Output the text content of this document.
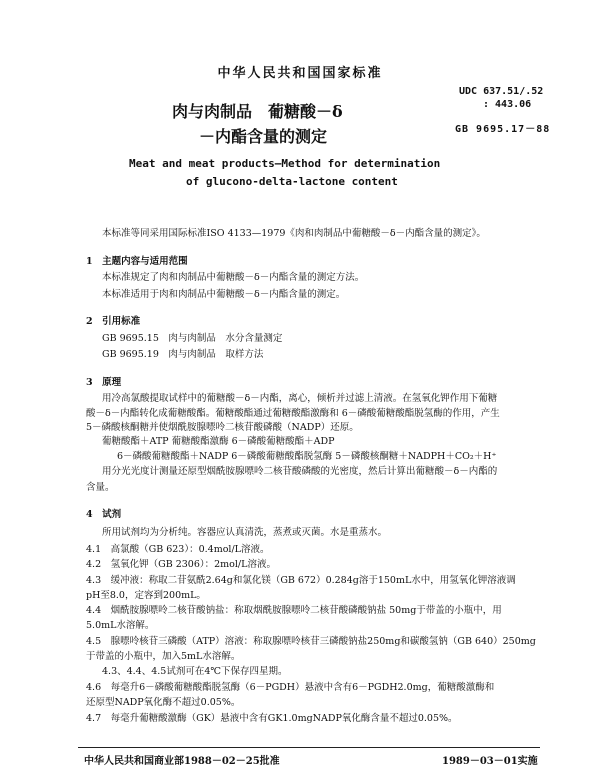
中华人民共和国国家标准
肉与肉制品　葡糖酸－δ
－内酯含量的测定
UDC 637.51/.52
: 443.06
GB 9695.17－88
Meat and meat products—Method for determination
of glucono-delta-lactone content
本标准等同采用国际标准ISO 4133—1979《肉和肉制品中葡糖酸－δ－内酯含量的测定》。
1　主题内容与适用范围
本标准规定了肉和肉制品中葡糖酸－δ－内酯含量的测定方法。
本标准适用于肉和肉制品中葡糖酸－δ－内酯含量的测定。
2　引用标准
GB 9695.15　肉与肉制品　水分含量测定
GB 9695.19　肉与肉制品　取样方法
3　原理
用冷高氯酸提取试样中的葡糖酸－δ－内酯，离心，倾析并过滤上清液。在氢氧化钾作用下葡糖
酸－δ－内酯转化成葡糖酸酯。葡糖酸酯通过葡糖酸酯激酶和 6－磷酸葡糖酸酯脱氢酶的作用，产生
5－磷酸核酮糖并使烟酰胺腺嘌呤二核苷酸磷酸（NADP）还原。
葡糖酸酯＋ATP 葡糖酸酯激酶 6－磷酸葡糖酸酯＋ADP
6－磷酸葡糖酸酯＋NADP 6－磷酸葡糖酸酯脱氢酶 5－磷酸核酮糖＋NADPH＋CO₂＋H⁺
用分光光度计测量还原型烟酰胺腺嘌呤二核苷酸磷酸的光密度，然后计算出葡糖酸－δ－内酯的
含量。
4　试剂
所用试剂均为分析纯。容器应认真清洗，蒸煮或灭菌。水是重蒸水。
4.1　高氯酸（GB 623）：0.4mol/L溶液。
4.2　氢氧化钾（GB 2306）：2mol/L溶液。
4.3　缓冲液：称取二苷氨酰2.64g和氯化镁（GB 672）0.284g溶于150mL水中，用氢氧化钾溶液调
pH至8.0，定容到200mL。
4.4　烟酰胺腺嘌呤二核苷酸钠盐：称取烟酰胺腺嘌呤二核苷酸磷酸钠盐 50mg于带盖的小瓶中，用
5.0mL水溶解。
4.5　腺嘌呤核苷三磷酸（ATP）溶液：称取腺嘌呤核苷三磷酸钠盐250mg和碳酸氢钠（GB 640）250mg
于带盖的小瓶中，加入5mL水溶解。
4.3、4.4、4.5试剂可在4℃下保存四星期。
4.6　每毫升6－磷酸葡糖酸酯脱氢酶（6－PGDH）悬液中含有6－PGDH2.0mg，葡糖酸激酶和
还原型NADP氧化酶不超过0.05%。
4.7　每毫升葡糖酸激酶（GK）悬液中含有GK1.0mgNADP氧化酶含量不超过0.05%。
中华人民共和国商业部1988－02－25批准	1989－03－01实施
